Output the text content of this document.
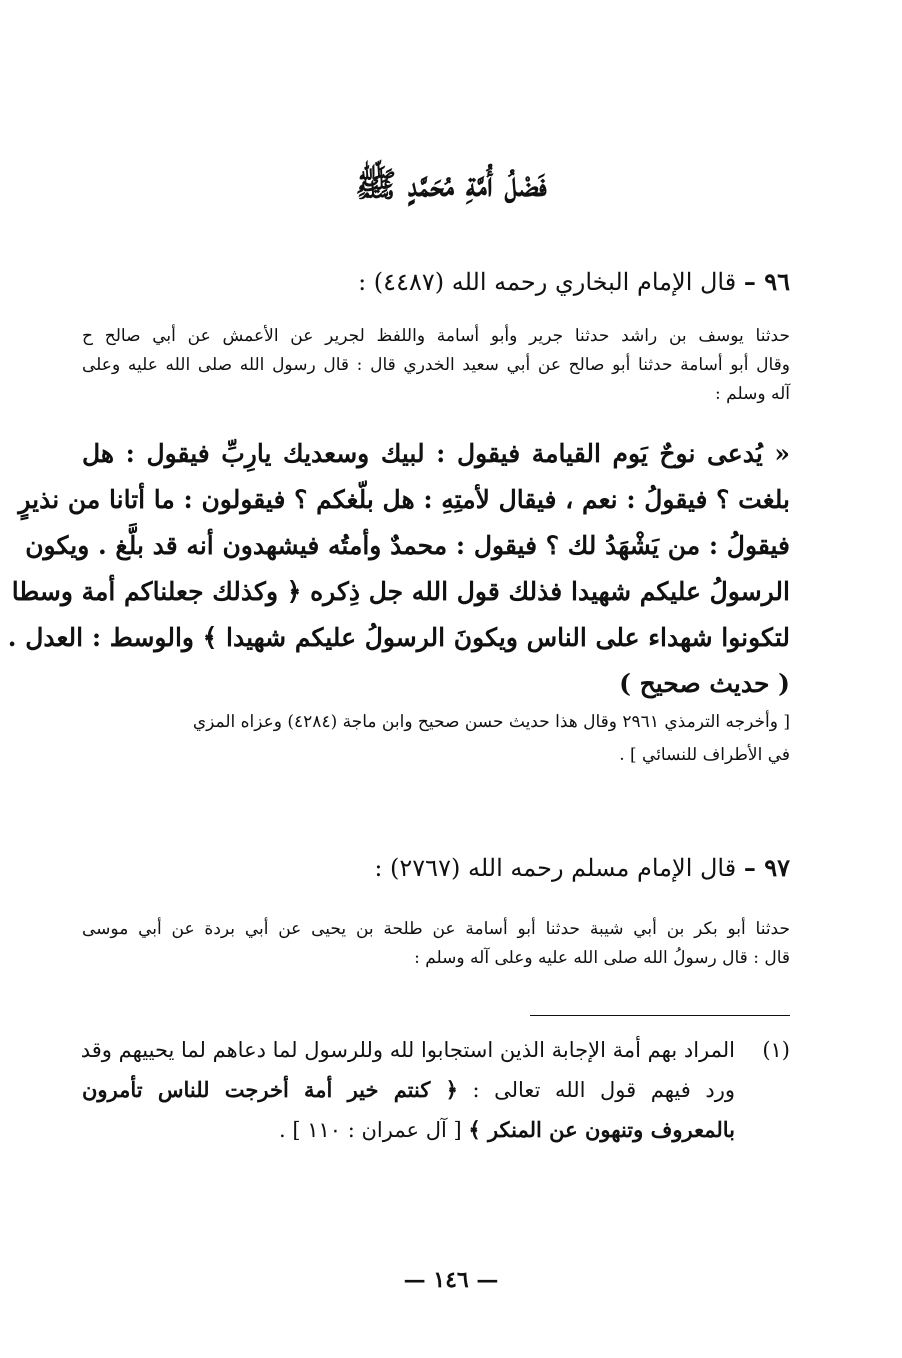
فَضْلُ أُمَّةِ مُحَمَّدٍ ﷺ
٩٦ – قال الإمام البخاري رحمه الله (٤٤٨٧) :
حدثنا يوسف بن راشد حدثنا جرير وأبو أسامة واللفظ لجرير عن الأعمش عن أبي صالح ح
وقال أبو أسامة حدثنا أبو صالح عن أبي سعيد الخدري قال : قال رسول الله صلى الله عليه وعلى
آله وسلم :
« يُدعى نوحٌ يَوم القيامة فيقول : لبيك وسعديك يارِبِّ فيقول : هل
بلغت ؟ فيقولُ : نعم ، فيقال لأمتِهِ : هل بلّغكم ؟ فيقولون : ما أتانا من نذيرٍ
فيقولُ : من يَشْهَدُ لك ؟ فيقول : محمدٌ وأمتُه فيشهدون أنه قد بلَّغ . ويكون
الرسولُ عليكم شهيدا فذلك قول الله جل ذِكره ﴿ وكذلك جعلناكم أمة وسطا
لتكونوا شهداء على الناس ويكونَ الرسولُ عليكم شهيدا ﴾ والوسط : العدل .
( حديث صحيح )
[ وأخرجه الترمذي ٢٩٦١ وقال هذا حديث حسن صحيح وابن ماجة (٤٢٨٤) وعزاه المزي
في الأطراف للنسائي ] .
٩٧ – قال الإمام مسلم رحمه الله (٢٧٦٧) :
حدثنا أبو بكر بن أبي شيبة حدثنا أبو أسامة عن طلحة بن يحيى عن أبي بردة عن أبي موسى
قال : قال رسولُ الله صلى الله عليه وعلى آله وسلم :
(١)
المراد بهم أمة الإجابة الذين استجابوا لله وللرسول لما دعاهم لما يحييهم وقد
ورد فيهم قول الله تعالى : ﴿ كنتم خير أمة أخرجت للناس تأمرون
بالمعروف وتنهون عن المنكر ﴾ [ آل عمران : ١١٠ ] .
— ١٤٦ —
